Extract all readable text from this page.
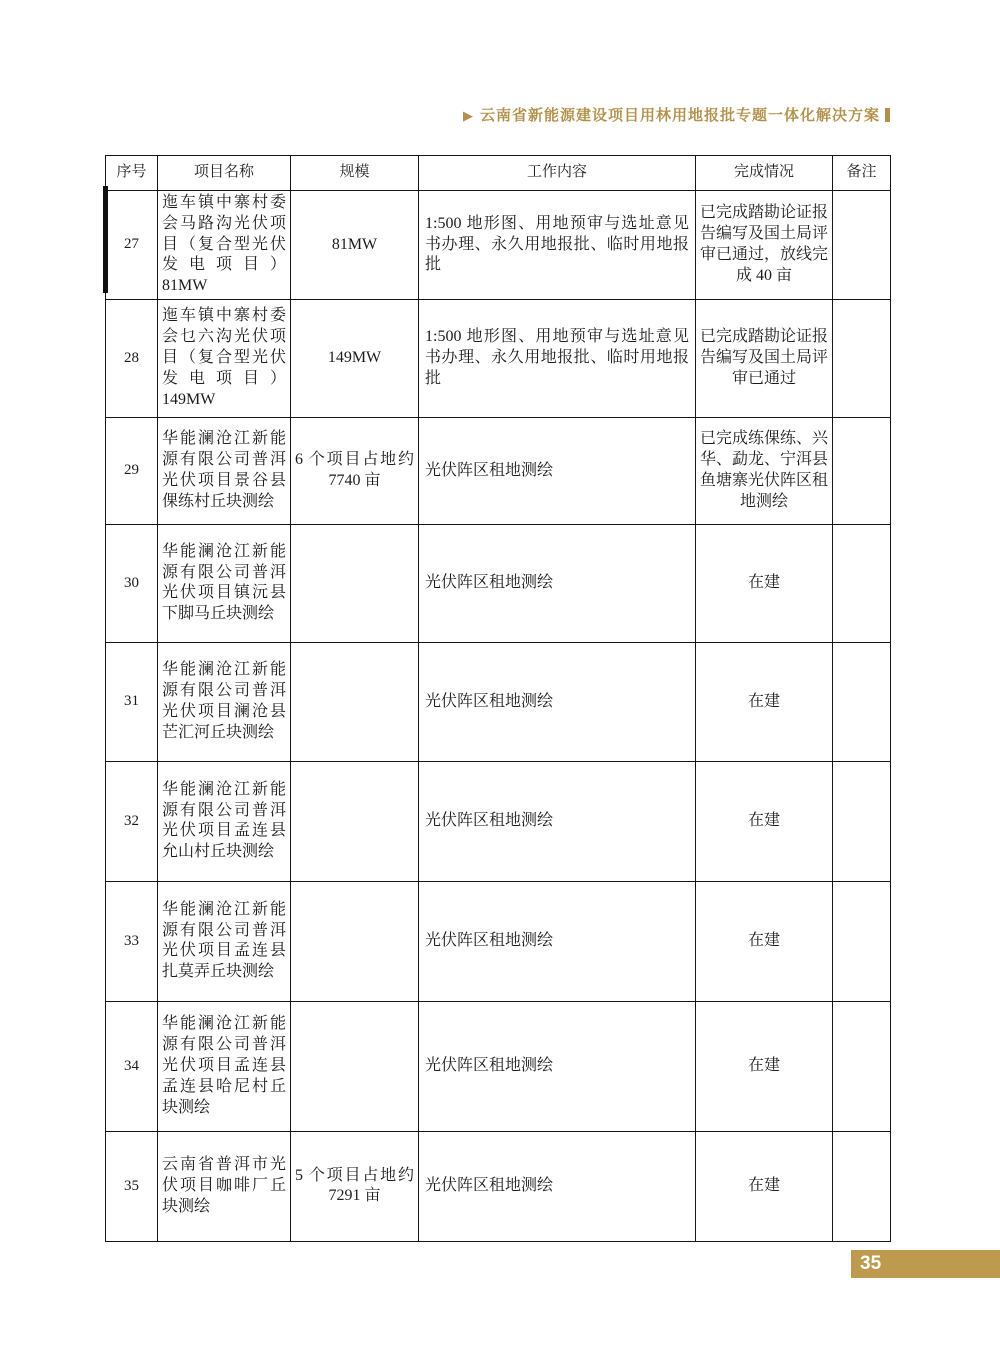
▶ 云南省新能源建设项目用林用地报批专题一体化解决方案
序号	项目名称	规模	工作内容	完成情况	备注
27	迤车镇中寨村委会马路沟光伏项目（复合型光伏发电项目）81MW	81MW	1:500 地形图、用地预审与选址意见书办理、永久用地报批、临时用地报批	已完成踏勘论证报告编写及国土局评审已通过，放线完成 40 亩	
28	迤车镇中寨村委会乜六沟光伏项目（复合型光伏发电项目）149MW	149MW	1:500 地形图、用地预审与选址意见书办理、永久用地报批、临时用地报批	已完成踏勘论证报告编写及国土局评审已通过	
29	华能澜沧江新能源有限公司普洱光伏项目景谷县倮练村丘块测绘	6 个项目占地约 7740 亩	光伏阵区租地测绘	已完成练倮练、兴华、勐龙、宁洱县鱼塘寨光伏阵区租地测绘	
30	华能澜沧江新能源有限公司普洱光伏项目镇沅县下脚马丘块测绘		光伏阵区租地测绘	在建	
31	华能澜沧江新能源有限公司普洱光伏项目澜沧县芒汇河丘块测绘		光伏阵区租地测绘	在建	
32	华能澜沧江新能源有限公司普洱光伏项目孟连县允山村丘块测绘		光伏阵区租地测绘	在建	
33	华能澜沧江新能源有限公司普洱光伏项目孟连县扎莫弄丘块测绘		光伏阵区租地测绘	在建	
34	华能澜沧江新能源有限公司普洱光伏项目孟连县孟连县哈尼村丘块测绘		光伏阵区租地测绘	在建	
35	云南省普洱市光伏项目咖啡厂丘块测绘	5 个项目占地约 7291 亩	光伏阵区租地测绘	在建	
35
